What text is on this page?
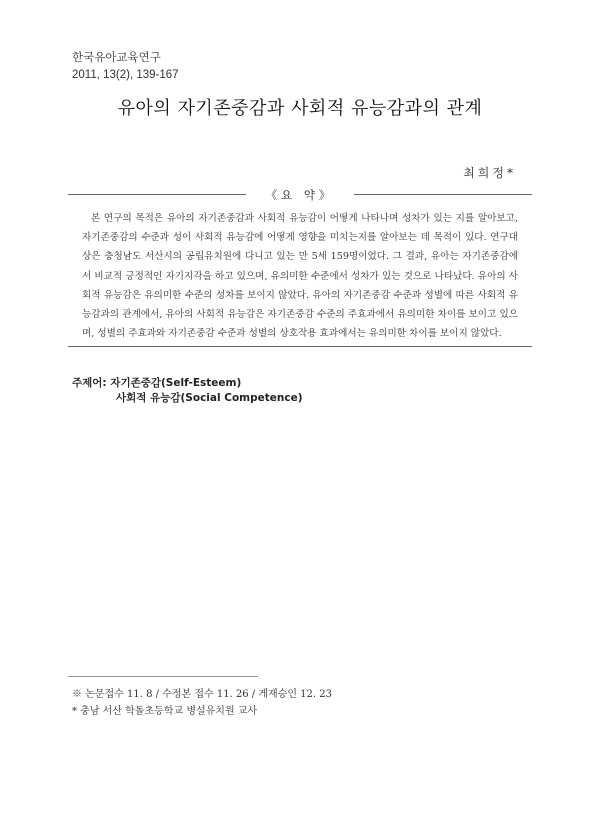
한국유아교육연구
2011, 13(2), 139-167
유아의 자기존중감과 사회적 유능감과의 관계
최희정*
《요 약》

본 연구의 목적은 유아의 자기존중감과 사회적 유능감이 어떻게 나타나며 성차가 있는 지를 알아보고, 자기존중감의 수준과 성이 사회적 유능감에 어떻게 영향을 미치는지를 알아보는 데 목적이 있다. 연구대상은 충청남도 서산시의 공립유치원에 다니고 있는 만 5세 159명이었다. 그 결과, 유아는 자기존중감에서 비교적 긍정적인 자기지각을 하고 있으며, 유의미한 수준에서 성차가 있는 것으로 나타났다. 유아의 사회적 유능감은 유의미한 수준의 성차를 보이지 않았다. 유아의 자기존중감 수준과 성별에 따른 사회적 유능감과의 관계에서, 유아의 사회적 유능감은 자기존중감 수준의 주효과에서 유의미한 차이를 보이고 있으며, 성별의 주효과와 자기존중감 수준과 성별의 상호작용 효과에서는 유의미한 차이를 보이지 않았다.

주제어: 자기존중감(Self-Esteem)
사회적 유능감(Social Competence)
※ 논문접수 11. 8 / 수정본 접수 11. 26 / 게재승인 12. 23
* 충남 서산 학돌초등학교 병설유치원 교사
